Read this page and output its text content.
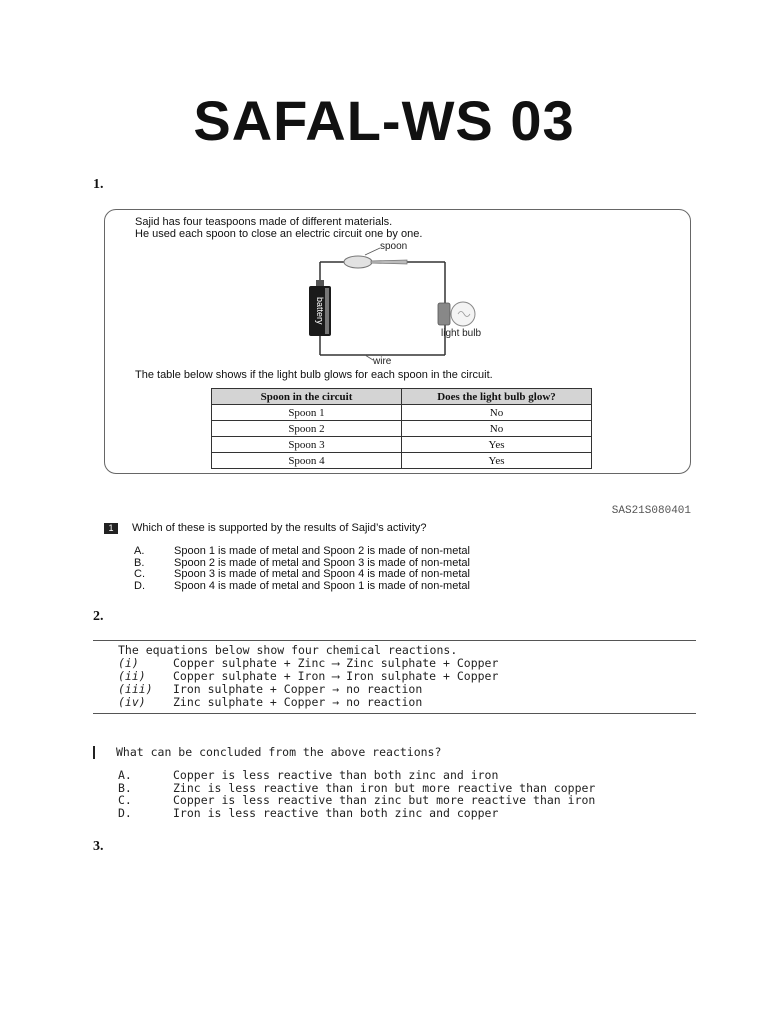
SAFAL-WS 03
1.
Sajid has four teaspoons made of different materials.
He used each spoon to close an electric circuit one by one.
spoon
battery
light bulb
wire
The table below shows if the light bulb glows for each spoon in the circuit.
Spoon in the circuit	Does the light bulb glow?
Spoon 1	No
Spoon 2	No
Spoon 3	Yes
Spoon 4	Yes
SAS21S080401
1 Which of these is supported by the results of Sajid’s activity?
A.	Spoon 1 is made of metal and Spoon 2 is made of non-metal
B.	Spoon 2 is made of metal and Spoon 3 is made of non-metal
C.	Spoon 3 is made of metal and Spoon 4 is made of non-metal
D.	Spoon 4 is made of metal and Spoon 1 is made of non-metal
2.
The equations below show four chemical reactions.
(i)	Copper sulphate + Zinc ⟶ Zinc sulphate + Copper
(ii) Copper sulphate + Iron ⟶ Iron sulphate + Copper
(iii) Iron sulphate + Copper → no reaction
(iv) Zinc sulphate + Copper → no reaction
What can be concluded from the above reactions?
A.	Copper is less reactive than both zinc and iron
B.	Zinc is less reactive than iron but more reactive than copper
C.	Copper is less reactive than zinc but more reactive than iron
D.	Iron is less reactive than both zinc and copper
3.
